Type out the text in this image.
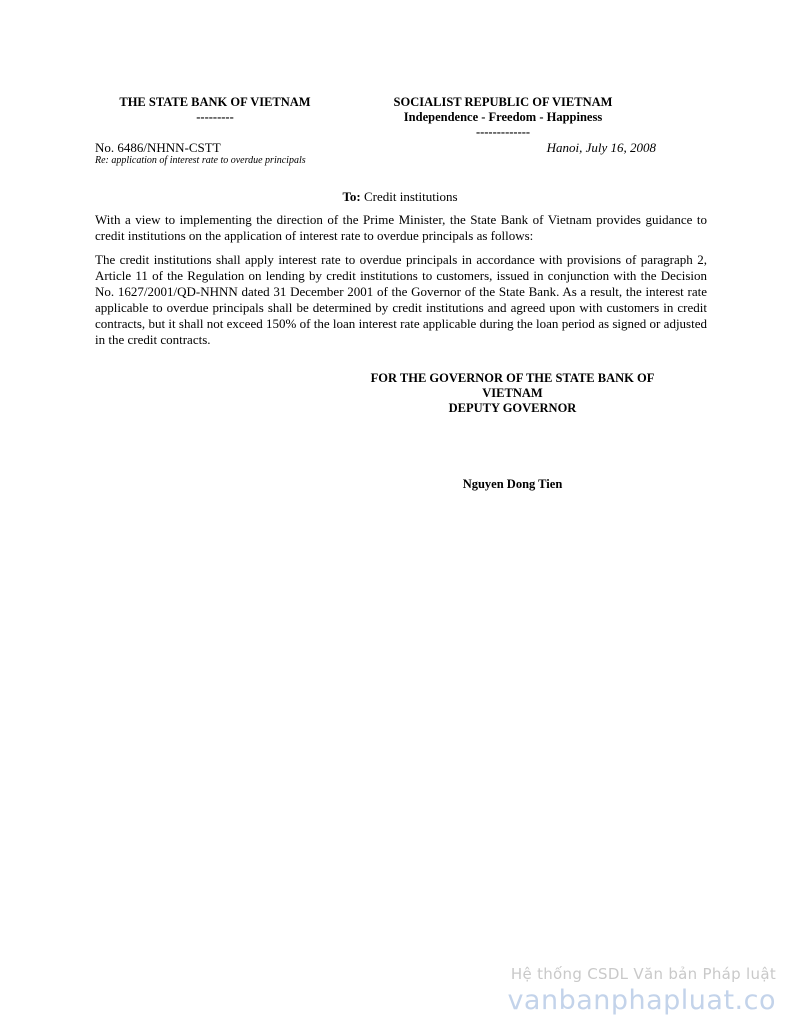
THE STATE BANK OF VIETNAM
---------
SOCIALIST REPUBLIC OF VIETNAM
Independence - Freedom - Happiness
-------------
No. 6486/NHNN-CSTT
Re: application of interest rate to overdue principals
Hanoi, July 16, 2008
To: Credit institutions
With a view to implementing the direction of the Prime Minister, the State Bank of Vietnam provides guidance to credit institutions on the application of interest rate to overdue principals as follows:
The credit institutions shall apply interest rate to overdue principals in accordance with provisions of paragraph 2, Article 11 of the Regulation on lending by credit institutions to customers, issued in conjunction with the Decision No. 1627/2001/QD-NHNN dated 31 December 2001 of the Governor of the State Bank. As a result, the interest rate applicable to overdue principals shall be determined by credit institutions and agreed upon with customers in credit contracts, but it shall not exceed 150% of the loan interest rate applicable during the loan period as signed or adjusted in the credit contracts.
FOR THE GOVERNOR OF THE STATE BANK OF VIETNAM
DEPUTY GOVERNOR
Nguyen Dong Tien
Hệ thống CSDL Văn bản Pháp luật
vanbanphapluat.co
